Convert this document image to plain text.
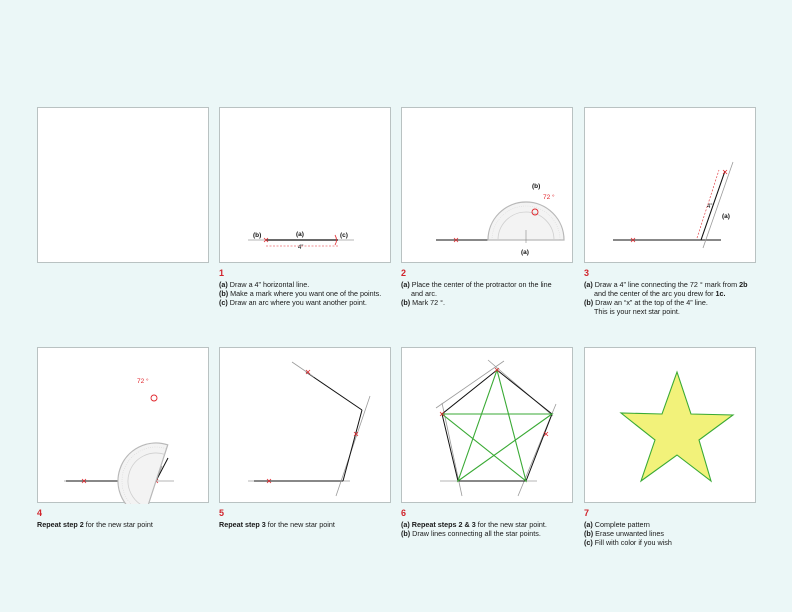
(a)
(b)	(c)
4”
(b)
72 °
(a)
4”
(a)
1
(a) Draw a 4” horizontal line.
(b) Make a mark where you want one of the points.
(c) Draw an arc where you want another point.
2
(a) Place the center of the protractor on the line
and arc.
(b) Mark 72 °.
3
(a) Draw a 4” line connecting the 72 ° mark from 2b
and the center of the arc you drew for 1c.
(b) Draw an “x” at the top of the 4” line.
This is your next star point.
72 °
4
Repeat step 2 for the new star point
5
Repeat step 3 for the new star point
6
(a) Repeat steps 2 & 3 for the new star point.
(b) Draw lines connecting all the star points.
7
(a) Complete pattern
(b) Erase unwanted lines
(c) Fill with color if you wish
